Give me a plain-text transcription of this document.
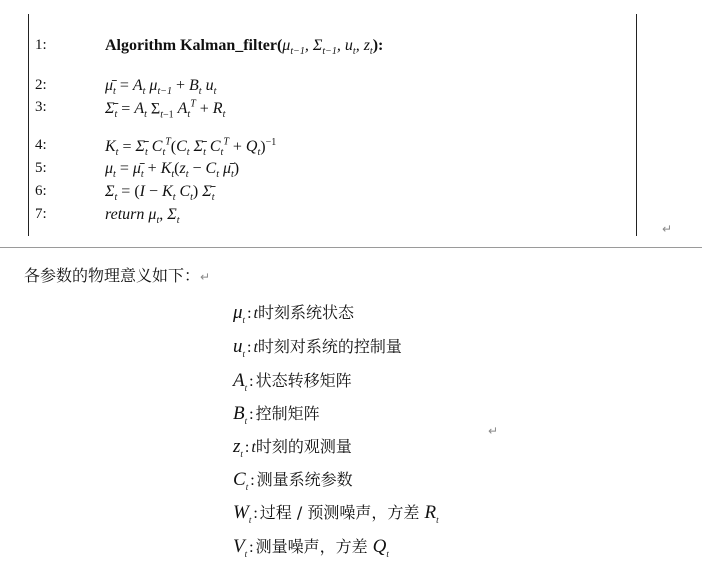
1:	Algorithm $Kalman\_filter(\mu_{t-1}$, $\Sigma_{t-1}$, $u_t$, $z_t$):
2:	$\mū_t = A_t$ $\mu_{t-1} + B_t$ $u_t$
3:	$\Sigmā_t = A_t$ $\Sigma_{t-1}$ $A_t^T + R_t$
4:	$K_t$ = $\Sigmā_t$ $C_t^T(C_t$ $\Sigmā_t$ $C_t^T + Q_t)^{-1}$
5:	$\mu_t$ = $\mū_t + K_t(z_t - C_t$ $\mū_t$)
6:	$\Sigma_t = (I - K_t$ $C_t$) $\Sigmā_t$
7:	return $\mu_t$, $\Sigma_t$
↵
各参数的物理意义如下：↵
↵
$\mu_t$ : t时刻系统状态
$u_t$ : t时刻对系统的控制量
$A_t$ : 状态转移矩阵
$B_t$ : 控制矩阵
$z_t$ : t时刻的观测量
$C_t$ : 测量系统参数
$W_t$ : 过程 / 预测噪声，方差 $R_t$
$V_t$ : 测量噪声，方差 $Q_t$
